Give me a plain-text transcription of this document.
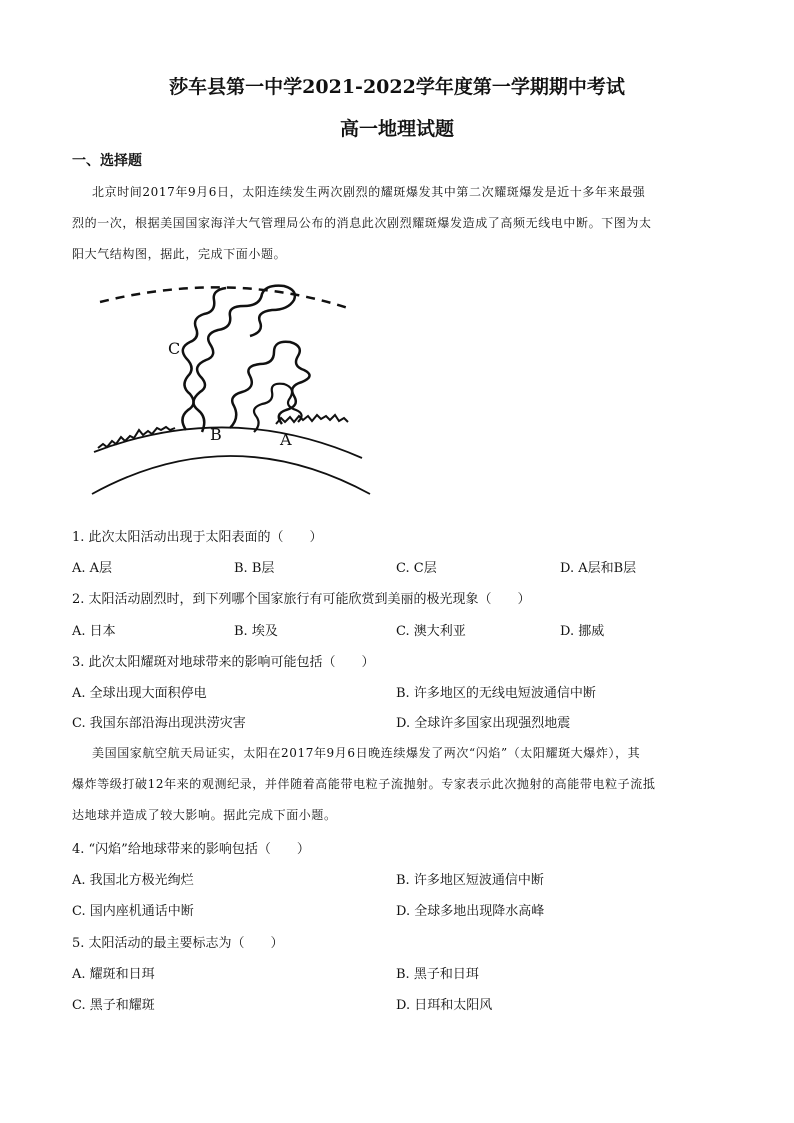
莎车县第一中学2021-2022学年度第一学期期中考试
高一地理试题
一、选择题
北京时间2017年9月6日，太阳连续发生两次剧烈的耀斑爆发其中第二次耀斑爆发是近十多年来最强
烈的一次，根据美国国家海洋大气管理局公布的消息此次剧烈耀斑爆发造成了高频无线电中断。下图为太
阳大气结构图，据此，完成下面小题。
C
B	A
1. 此次太阳活动出现于太阳表面的（　　）
A. A层	B. B层	C. C层	D. A层和B层
2. 太阳活动剧烈时，到下列哪个国家旅行有可能欣赏到美丽的极光现象（　　）
A. 日本	B. 埃及	C. 澳大利亚	D. 挪威
3. 此次太阳耀斑对地球带来的影响可能包括（　　）
A. 全球出现大面积停电	B. 许多地区的无线电短波通信中断
C. 我国东部沿海出现洪涝灾害	D. 全球许多国家出现强烈地震
美国国家航空航天局证实，太阳在2017年9月6日晚连续爆发了两次“闪焰”（太阳耀斑大爆炸），其
爆炸等级打破12年来的观测纪录，并伴随着高能带电粒子流抛射。专家表示此次抛射的高能带电粒子流抵
达地球并造成了较大影响。据此完成下面小题。
4. “闪焰”给地球带来的影响包括（　　）
A. 我国北方极光绚烂	B. 许多地区短波通信中断
C. 国内座机通话中断	D. 全球多地出现降水高峰
5. 太阳活动的最主要标志为（　　）
A. 耀斑和日珥	B. 黑子和日珥
C. 黑子和耀斑	D. 日珥和太阳风
